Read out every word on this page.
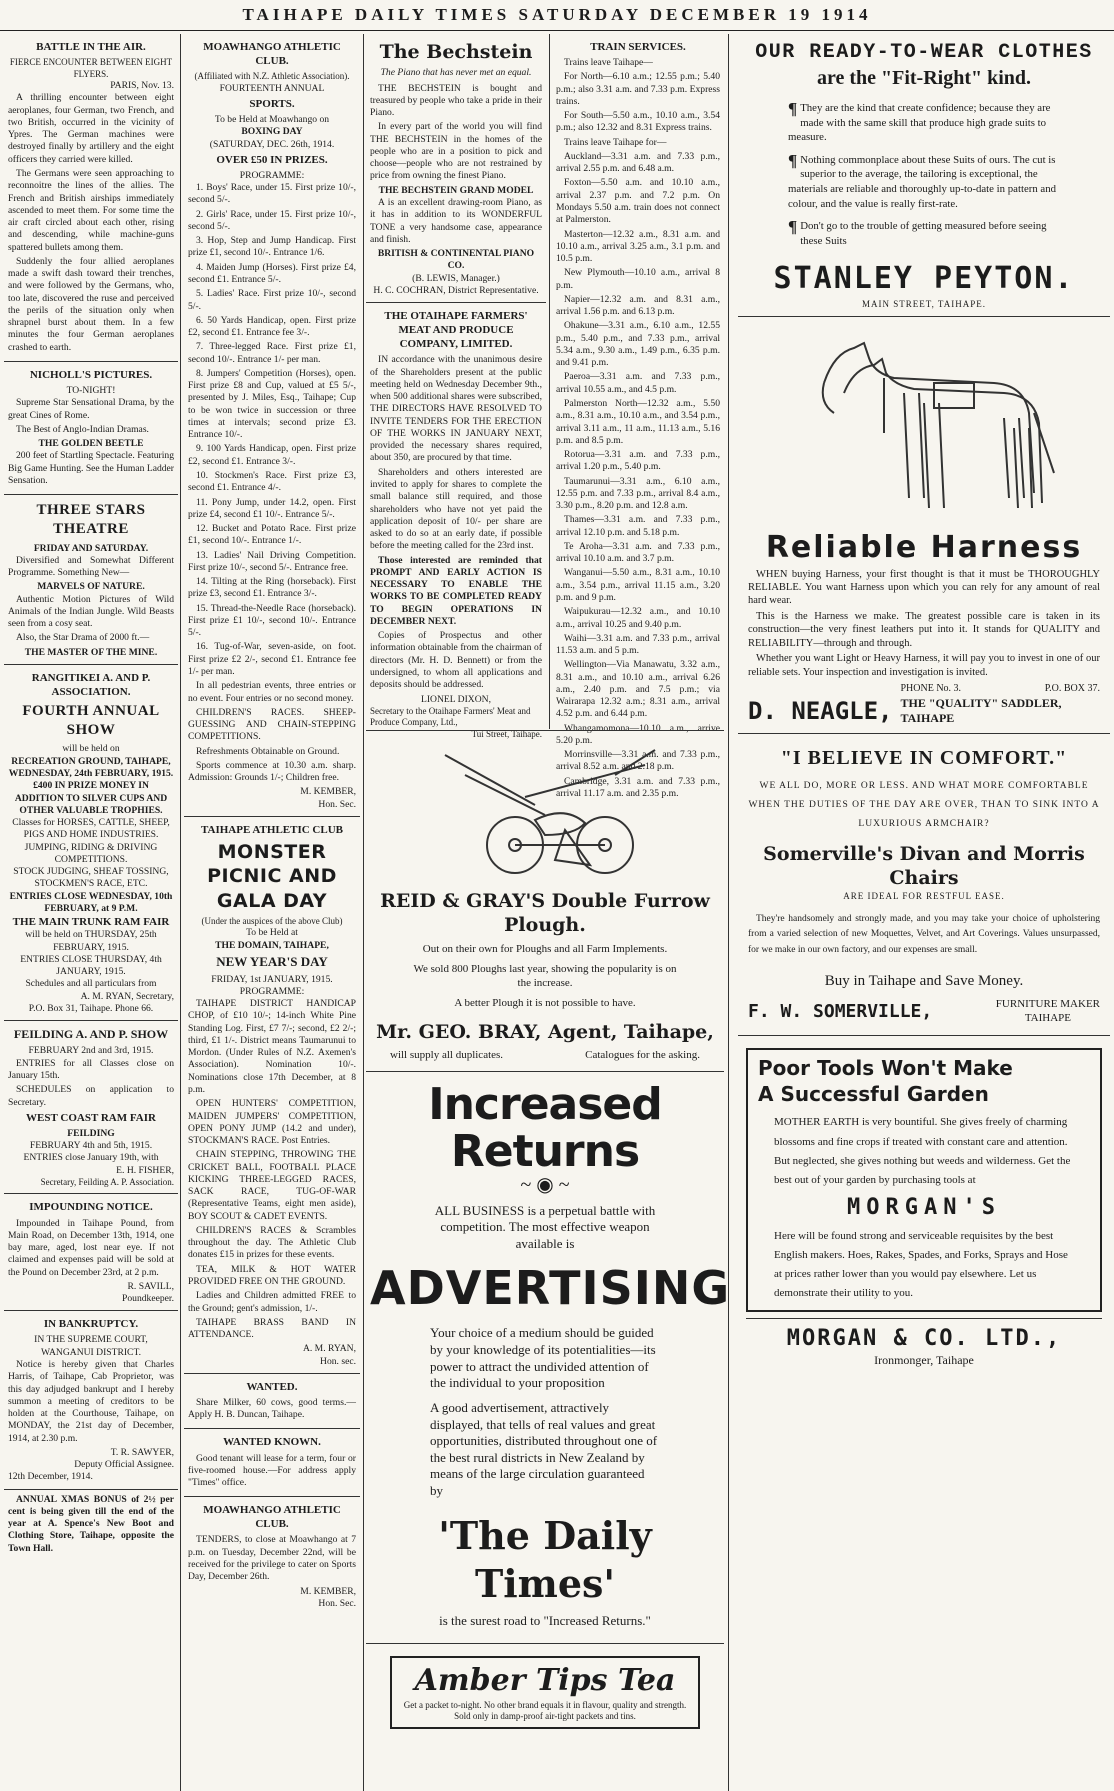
TAIHAPE DAILY TIMES SATURDAY DECEMBER 19 1914
BATTLE IN THE AIR.
FIERCE ENCOUNTER BETWEEN EIGHT FLYERS.
PARIS, Nov. 13.

A thrilling encounter between eight aeroplanes, four German, two French, and two British, occurred in the vicinity of Ypres. The German machines were destroyed finally by artillery and the eight officers they carried were killed.

The Germans were seen approaching to reconnoitre the lines of the allies. The French and British airships immediately ascended to meet them. For some time the air craft circled about each other, rising and descending, while machine-guns spattered bullets among them.

Suddenly the four allied aeroplanes made a swift dash toward their trenches, and were followed by the Germans, who, too late, discovered the ruse and perceived the perils of the situation only when shrapnel burst about them. In a few minutes the four German aeroplanes crashed to earth.

NICHOLL'S PICTURES.
TO-NIGHT!

Supreme Star Sensational Drama, by the great Cines of Rome.

The Best of Anglo-Indian Dramas.

THE GOLDEN BEETLE

200 feet of Startling Spectacle. Featuring Big Game Hunting. See the Human Ladder Sensation.

THREE STARS THEATRE
FRIDAY AND SATURDAY.

Diversified and Somewhat Different Programme. Something New—

MARVELS OF NATURE.

Authentic Motion Pictures of Wild Animals of the Indian Jungle. Wild Beasts seen from a cosy seat.

Also, the Star Drama of 2000 ft.—

THE MASTER OF THE MINE.
RANGITIKEI A. AND P. ASSOCIATION.
FOURTH ANNUAL SHOW
will be held on
RECREATION GROUND, TAIHAPE,
WEDNESDAY, 24th FEBRUARY, 1915.
£400 IN PRIZE MONEY IN ADDITION TO SILVER CUPS AND OTHER VALUABLE TROPHIES.
Classes for HORSES, CATTLE, SHEEP, PIGS AND HOME INDUSTRIES.
JUMPING, RIDING & DRIVING COMPETITIONS.
STOCK JUDGING, SHEAF TOSSING, STOCKMEN'S RACE, ETC.
ENTRIES CLOSE WEDNESDAY, 10th FEBRUARY, at 9 P.M.
THE MAIN TRUNK RAM FAIR
will be held on THURSDAY, 25th FEBRUARY, 1915.
ENTRIES CLOSE THURSDAY, 4th JANUARY, 1915.
Schedules and all particulars from
A. M. RYAN, Secretary,
P.O. Box 31, Taihape. Phone 66.
FEILDING A. AND P. SHOW
FEBRUARY 2nd and 3rd, 1915.

ENTRIES for all Classes close on January 15th.

SCHEDULES on application to Secretary.

WEST COAST RAM FAIR
FEILDING
FEBRUARY 4th and 5th, 1915.
ENTRIES close January 19th, with
E. H. FISHER,
Secretary, Feilding A. P. Association.
IMPOUNDING NOTICE.

Impounded in Taihape Pound, from Main Road, on December 13th, 1914, one bay mare, aged, lost near eye. If not claimed and expenses paid will be sold at the Pound on December 23rd, at 2 p.m.

R. SAVILL,
Poundkeeper.
IN BANKRUPTCY.
IN THE SUPREME COURT, WANGANUI DISTRICT.

Notice is hereby given that Charles Harris, of Taihape, Cab Proprietor, was this day adjudged bankrupt and I hereby summon a meeting of creditors to be holden at the Courthouse, Taihape, on MONDAY, the 21st day of December, 1914, at 2.30 p.m.

T. R. SAWYER,
Deputy Official Assignee.
12th December, 1914.

ANNUAL XMAS BONUS of 2½ per cent is being given till the end of the year at A. Spence's New Boot and Clothing Store, Taihape, opposite the Town Hall.

MOAWHANGO ATHLETIC CLUB.
(Affiliated with N.Z. Athletic Association).
FOURTEENTH ANNUAL
SPORTS.
To be Held at Moawhango on
BOXING DAY
(SATURDAY, DEC. 26th, 1914.
OVER £50 IN PRIZES.
PROGRAMME:

1. Boys' Race, under 15. First prize 10/-, second 5/-.

2. Girls' Race, under 15. First prize 10/-, second 5/-.

3. Hop, Step and Jump Handicap. First prize £1, second 10/-. Entrance 1/6.

4. Maiden Jump (Horses). First prize £4, second £1. Entrance 5/-.

5. Ladies' Race. First prize 10/-, second 5/-.

6. 50 Yards Handicap, open. First prize £2, second £1. Entrance fee 3/-.

7. Three-legged Race. First prize £1, second 10/-. Entrance 1/- per man.

8. Jumpers' Competition (Horses), open. First prize £8 and Cup, valued at £5 5/-, presented by J. Miles, Esq., Taihape; Cup to be won twice in succession or three times at intervals; second prize £3. Entrance 10/-.

9. 100 Yards Handicap, open. First prize £2, second £1. Entrance 3/-.

10. Stockmen's Race. First prize £3, second £1. Entrance 4/-.

11. Pony Jump, under 14.2, open. First prize £4, second £1 10/-. Entrance 5/-.

12. Bucket and Potato Race. First prize £1, second 10/-. Entrance 1/-.

13. Ladies' Nail Driving Competition. First prize 10/-, second 5/-. Entrance free.

14. Tilting at the Ring (horseback). First prize £3, second £1. Entrance 3/-.

15. Thread-the-Needle Race (horseback). First prize £1 10/-, second 10/-. Entrance 5/-.

16. Tug-of-War, seven-aside, on foot. First prize £2 2/-, second £1. Entrance fee 1/- per man.

In all pedestrian events, three entries or no event. Four entries or no second money.

CHILDREN'S RACES. SHEEP-GUESSING AND CHAIN-STEPPING COMPETITIONS.

Refreshments Obtainable on Ground.

Sports commence at 10.30 a.m. sharp. Admission: Grounds 1/-; Children free.

M. KEMBER,
Hon. Sec.
TAIHAPE ATHLETIC CLUB
MONSTER PICNIC AND GALA DAY
(Under the auspices of the above Club)
To be Held at
THE DOMAIN, TAIHAPE,
NEW YEAR'S DAY
FRIDAY, 1st JANUARY, 1915.
PROGRAMME:

TAIHAPE DISTRICT HANDICAP CHOP, of £10 10/-; 14-inch White Pine Standing Log. First, £7 7/-; second, £2 2/-; third, £1 1/-. District means Taumarunui to Mordon. (Under Rules of N.Z. Axemen's Association). Nomination 10/-. Nominations close 17th December, at 8 p.m.

OPEN HUNTERS' COMPETITION, MAIDEN JUMPERS' COMPETITION, OPEN PONY JUMP (14.2 and under), STOCKMAN'S RACE. Post Entries.

CHAIN STEPPING, THROWING THE CRICKET BALL, FOOTBALL PLACE KICKING THREE-LEGGED RACES, SACK RACE, TUG-OF-WAR (Representative Teams, eight men aside), BOY SCOUT & CADET EVENTS.

CHILDREN'S RACES & Scrambles throughout the day. The Athletic Club donates £15 in prizes for these events.

TEA, MILK & HOT WATER PROVIDED FREE ON THE GROUND.

Ladies and Children admitted FREE to the Ground; gent's admission, 1/-.

TAIHAPE BRASS BAND IN ATTENDANCE.

A. M. RYAN,
Hon. sec.
WANTED.

Share Milker, 60 cows, good terms.—Apply H. B. Duncan, Taihape.

WANTED KNOWN.

Good tenant will lease for a term, four or five-roomed house.—For address apply "Times" office.

MOAWHANGO ATHLETIC CLUB.

TENDERS, to close at Moawhango at 7 p.m. on Tuesday, December 22nd, will be received for the privilege to cater on Sports Day, December 26th.

M. KEMBER,
Hon. Sec.
The Bechstein
The Piano that has never met an equal.

THE BECHSTEIN is bought and treasured by people who take a pride in their Piano.

In every part of the world you will find THE BECHSTEIN in the homes of the people who are in a position to pick and choose—people who are not restrained by price from owning the finest Piano.

THE BECHSTEIN GRAND MODEL

A is an excellent drawing-room Piano, as it has in addition to its WONDERFUL TONE a very handsome case, appearance and finish.

BRITISH & CONTINENTAL PIANO CO.
(B. LEWIS, Manager.)
H. C. COCHRAN, District Representative.
THE OTAIHAPE FARMERS' MEAT AND PRODUCE COMPANY, LIMITED.

IN accordance with the unanimous desire of the Shareholders present at the public meeting held on Wednesday December 9th., when 500 additional shares were subscribed, THE DIRECTORS HAVE RESOLVED TO INVITE TENDERS FOR THE ERECTION OF THE WORKS IN JANUARY NEXT, provided the necessary shares required, about 350, are procured by that time.

Shareholders and others interested are invited to apply for shares to complete the small balance still required, and those shareholders who have not yet paid the application deposit of 10/- per share are asked to do so at an early date, if possible before the meeting called for the 23rd inst.

Those interested are reminded that PROMPT AND EARLY ACTION IS NECESSARY TO ENABLE THE WORKS TO BE COMPLETED READY TO BEGIN OPERATIONS IN DECEMBER NEXT.

Copies of Prospectus and other information obtainable from the chairman of directors (Mr. H. D. Bennett) or from the undersigned, to whom all applications and deposits should be addressed.

LIONEL DIXON,
Secretary to the Otaihape Farmers' Meat and Produce Company, Ltd.,
Tui Street, Taihape.
TRAIN SERVICES.

Trains leave Taihape—

For North—6.10 a.m.; 12.55 p.m.; 5.40 p.m.; also 3.31 a.m. and 7.33 p.m. Express trains.

For South—5.50 a.m., 10.10 a.m., 3.54 p.m.; also 12.32 and 8.31 Express trains.

Trains leave Taihape for—

Auckland—3.31 a.m. and 7.33 p.m., arrival 2.55 p.m. and 6.48 a.m.

Foxton—5.50 a.m. and 10.10 a.m., arrival 2.37 p.m. and 7.2 p.m. On Mondays 5.50 a.m. train does not connect at Palmerston.

Masterton—12.32 a.m., 8.31 a.m. and 10.10 a.m., arrival 3.25 a.m., 3.1 p.m. and 10.5 p.m.

New Plymouth—10.10 a.m., arrival 8 p.m.

Napier—12.32 a.m. and 8.31 a.m., arrival 1.56 p.m. and 6.13 p.m.

Ohakune—3.31 a.m., 6.10 a.m., 12.55 p.m., 5.40 p.m., and 7.33 p.m., arrival 5.34 a.m., 9.30 a.m., 1.49 p.m., 6.35 p.m. and 9.41 p.m.

Paeroa—3.31 a.m. and 7.33 p.m., arrival 10.55 a.m., and 4.5 p.m.

Palmerston North—12.32 a.m., 5.50 a.m., 8.31 a.m., 10.10 a.m., and 3.54 p.m., arrival 3.11 a.m., 11 a.m., 11.13 a.m., 5.16 p.m. and 8.5 p.m.

Rotorua—3.31 a.m. and 7.33 p.m., arrival 1.20 p.m., 5.40 p.m.

Taumarunui—3.31 a.m., 6.10 a.m., 12.55 p.m. and 7.33 p.m., arrival 8.4 a.m., 3.30 p.m., 8.20 p.m. and 12.8 a.m.

Thames—3.31 a.m. and 7.33 p.m., arrival 12.10 p.m. and 5.18 p.m.

Te Aroha—3.31 a.m. and 7.33 p.m., arrival 10.10 a.m. and 3.7 p.m.

Wanganui—5.50 a.m., 8.31 a.m., 10.10 a.m., 3.54 p.m., arrival 11.15 a.m., 3.20 p.m. and 9 p.m.

Waipukurau—12.32 a.m., and 10.10 a.m., arrival 10.25 and 9.40 p.m.

Waihi—3.31 a.m. and 7.33 p.m., arrival 11.53 a.m. and 5 p.m.

Wellington—Via Manawatu, 3.32 a.m., 8.31 a.m., and 10.10 a.m., arrival 6.26 a.m., 2.40 p.m. and 7.5 p.m.; via Wairarapa 12.32 a.m.; 8.31 a.m., arrival 4.52 p.m. and 6.44 p.m.

Whangamomona—10.10 a.m., arrive 5.20 p.m.

Morrinsville—3.31 a.m. and 7.33 p.m., arrival 8.52 a.m. and 2.18 p.m.

Cambridge, 3.31 a.m. and 7.33 p.m., arrival 11.17 a.m. and 2.35 p.m.

REID & GRAY'S Double Furrow Plough.
Out on their own for Ploughs and all Farm Implements.
We sold 800 Ploughs last year, showing the popularity is on the increase.
A better Plough it is not possible to have.
Mr. GEO. BRAY, Agent, Taihape,
will supply all duplicates.	Catalogues for the asking.
Increased Returns
~ ◉ ~
ALL BUSINESS is a perpetual battle with competition. The most effective weapon available is
ADVERTISING
Your choice of a medium should be guided by your knowledge of its potentialities—its power to attract the undivided attention of the individual to your proposition
A good advertisement, attractively displayed, that tells of real values and great opportunities, distributed throughout one of the best rural districts in New Zealand by means of the large circulation guaranteed by
'The Daily Times'
is the surest road to "Increased Returns."
Amber Tips Tea
Get a packet to-night. No other brand equals it in flavour, quality and strength. Sold only in damp-proof air-tight packets and tins.
OUR READY-TO-WEAR CLOTHES
are the "Fit-Right" kind.

¶ They are the kind that create confidence; because they are made with the same skill that produce high grade suits to measure.

¶ Nothing commonplace about these Suits of ours. The cut is superior to the average, the tailoring is exceptional, the materials are reliable and thoroughly up-to-date in pattern and colour, and the value is really first-rate.

¶ Don't go to the trouble of getting measured before seeing these Suits

STANLEY PEYTON.
MAIN STREET, TAIHAPE.
Reliable Harness

WHEN buying Harness, your first thought is that it must be THOROUGHLY RELIABLE. You want Harness upon which you can rely for any amount of real hard wear.

This is the Harness we make. The greatest possible care is taken in its construction—the very finest leathers put into it. It stands for QUALITY and RELIABILITY—through and through.

Whether you want Light or Heavy Harness, it will pay you to invest in one of our reliable sets. Your inspection and investigation is invited.

D. NEAGLE,
PHONE No. 3.	P.O. BOX 37.
THE "QUALITY" SADDLER, TAIHAPE
"I BELIEVE IN COMFORT."
WE ALL DO, MORE OR LESS. AND WHAT MORE COMFORTABLE WHEN THE DUTIES OF THE DAY ARE OVER, THAN TO SINK INTO A LUXURIOUS ARMCHAIR?
Somerville's Divan and Morris Chairs
ARE IDEAL FOR RESTFUL EASE.

They're handsomely and strongly made, and you may take your choice of upholstering from a varied selection of new Moquettes, Velvet, and Art Coverings. Values unsurpassed, for we make in our own factory, and our expenses are small.

Buy in Taihape and Save Money.
F. W. SOMERVILLE,	FURNITURE MAKER
TAIHAPE
Poor Tools Won't Make
A Successful Garden
MOTHER EARTH is very bountiful. She gives freely of charming blossoms and fine crops if treated with constant care and attention. But neglected, she gives nothing but weeds and wilderness. Get the best out of your garden by purchasing tools at
MORGAN'S
Here will be found strong and serviceable requisites by the best English makers. Hoes, Rakes, Spades, and Forks, Sprays and Hose at prices rather lower than you would pay elsewhere. Let us demonstrate their utility to you.
MORGAN & CO. LTD.,
Ironmonger, Taihape
